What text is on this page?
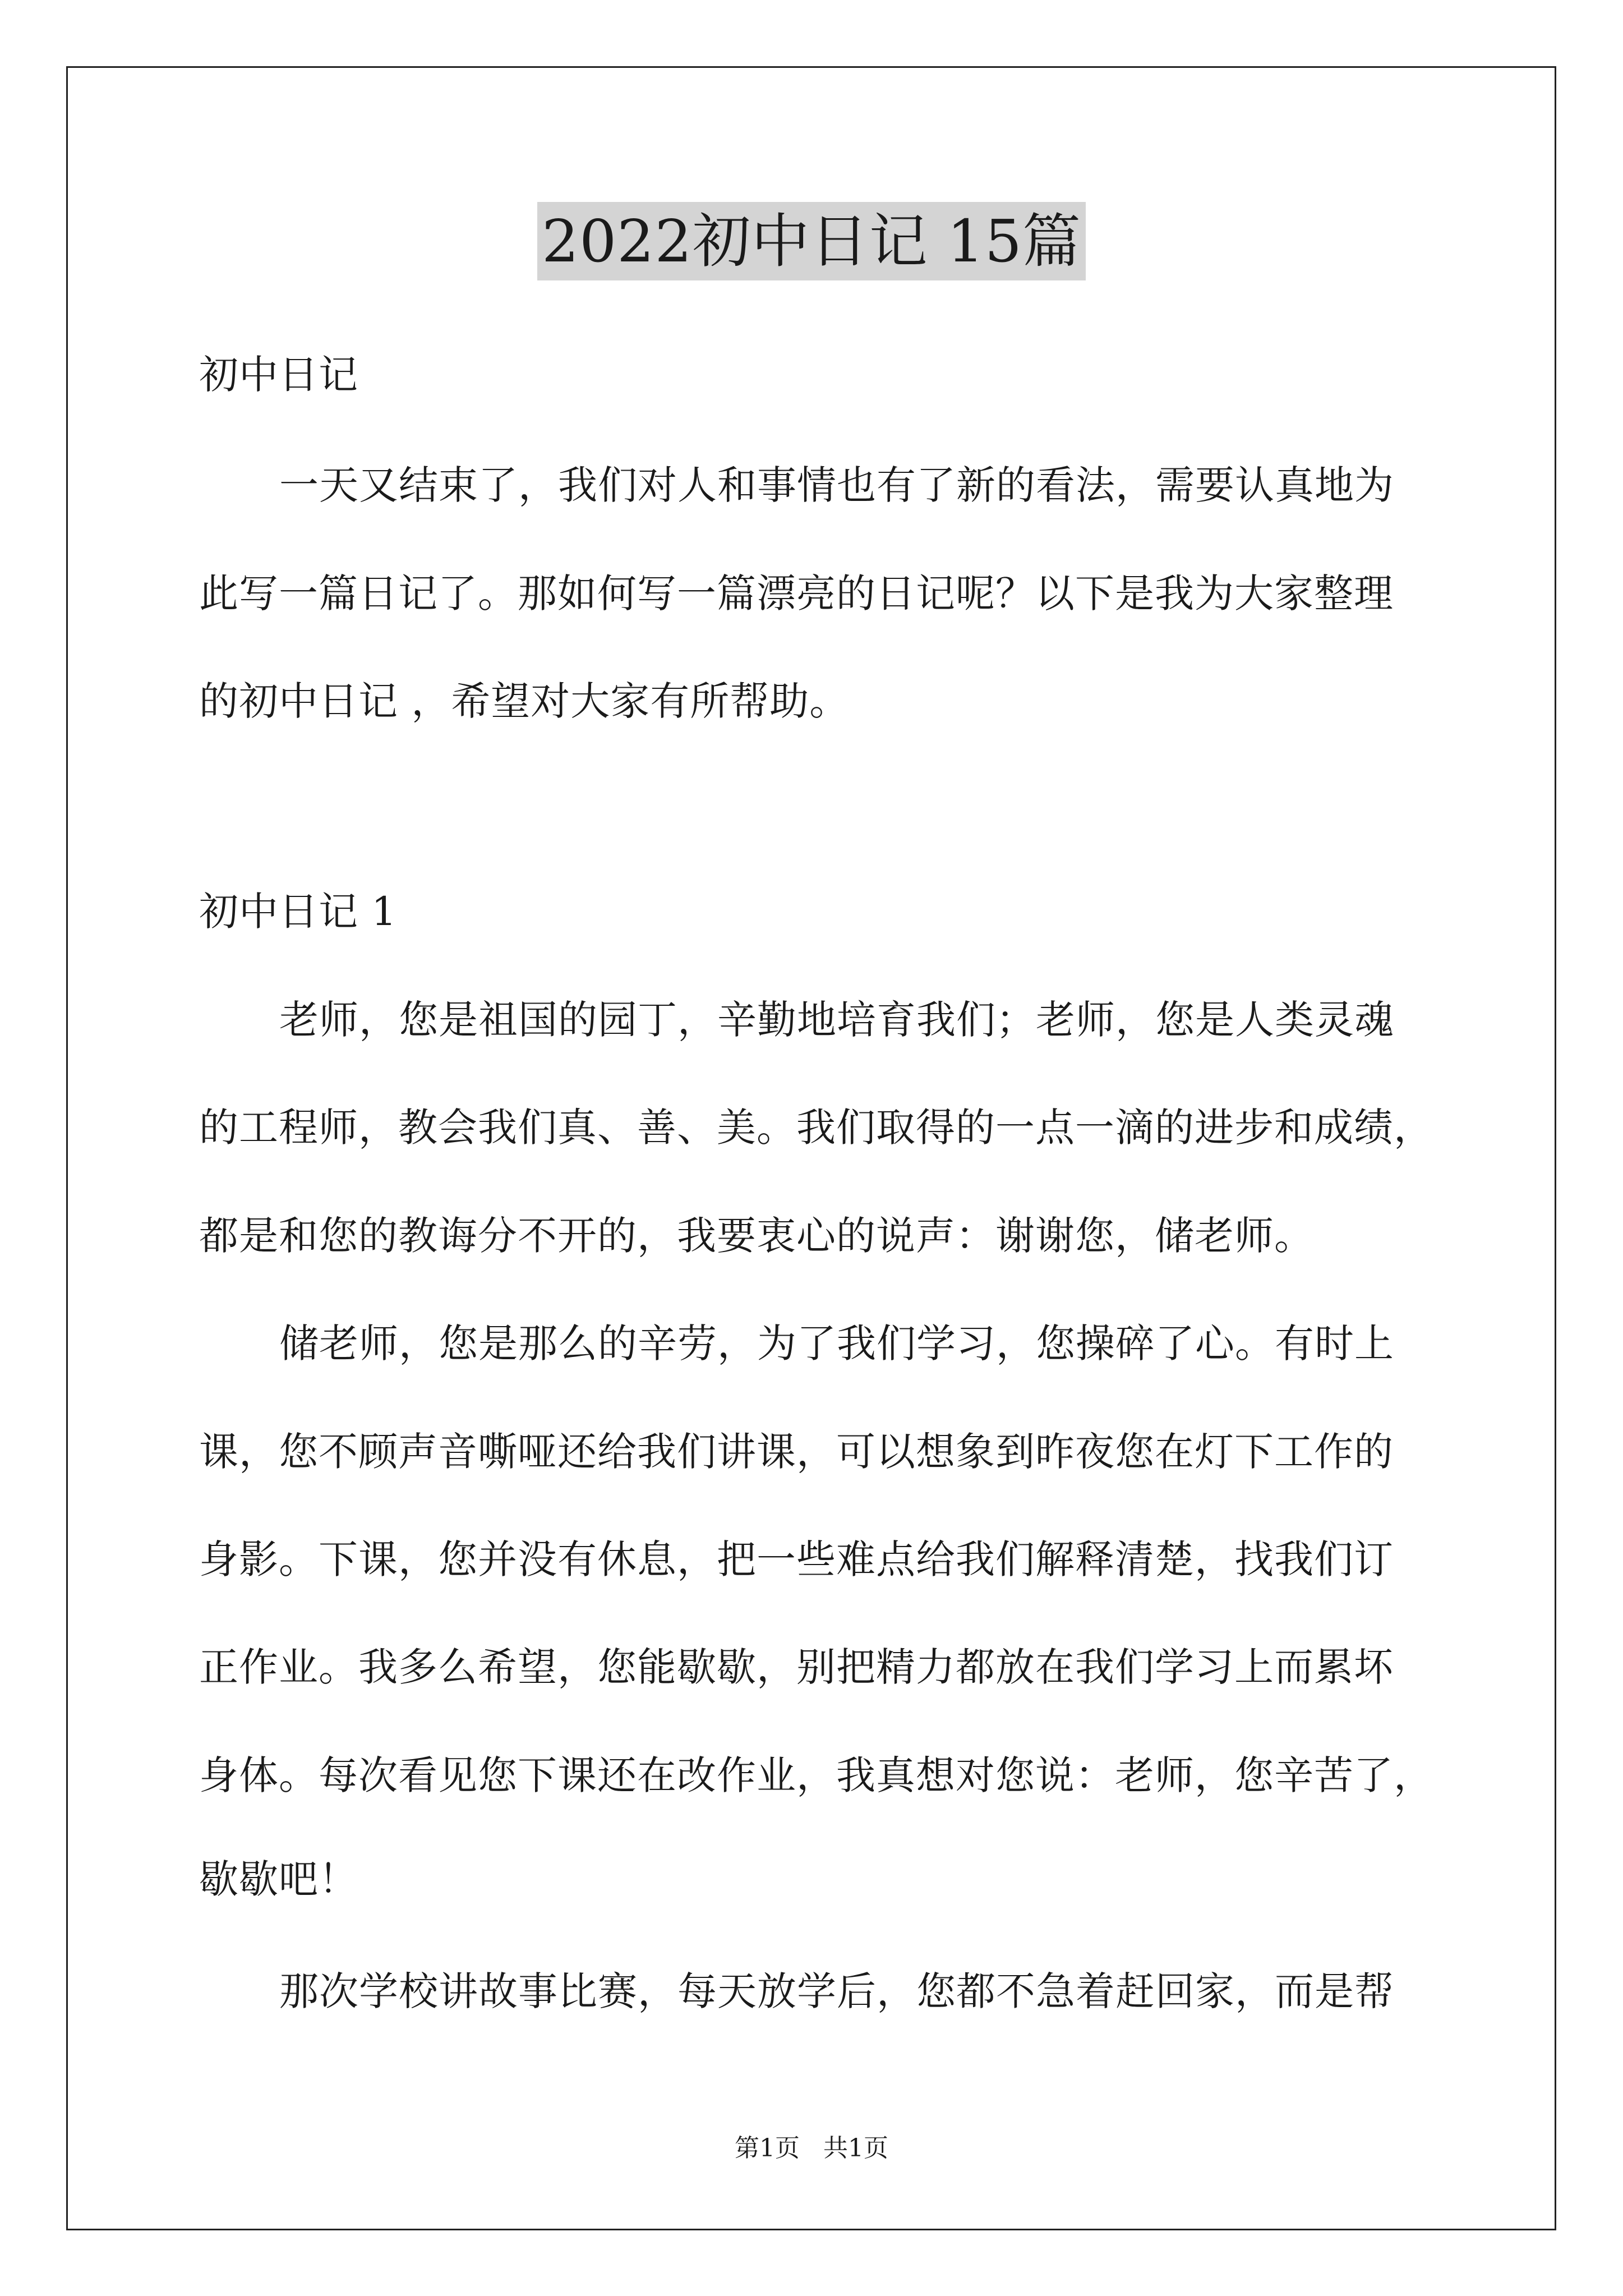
2022初中日记 15篇
初中日记
一天又结束了，我们对人和事情也有了新的看法，需要认真地为
此写一篇日记了。那如何写一篇漂亮的日记呢？以下是我为大家整理
的初中日记 ，希望对大家有所帮助。
初中日记 1
老师，您是祖国的园丁，辛勤地培育我们；老师，您是人类灵魂
的工程师，教会我们真、善、美。我们取得的一点一滴的进步和成绩，
都是和您的教诲分不开的，我要衷心的说声：谢谢您，储老师。
储老师，您是那么的辛劳，为了我们学习，您操碎了心。有时上
课，您不顾声音嘶哑还给我们讲课，可以想象到昨夜您在灯下工作的
身影。下课，您并没有休息，把一些难点给我们解释清楚，找我们订
正作业。我多么希望，您能歇歇，别把精力都放在我们学习上而累坏
身体。每次看见您下课还在改作业，我真想对您说：老师，您辛苦了，
歇歇吧！
那次学校讲故事比赛，每天放学后，您都不急着赶回家，而是帮
第1页   共1页
